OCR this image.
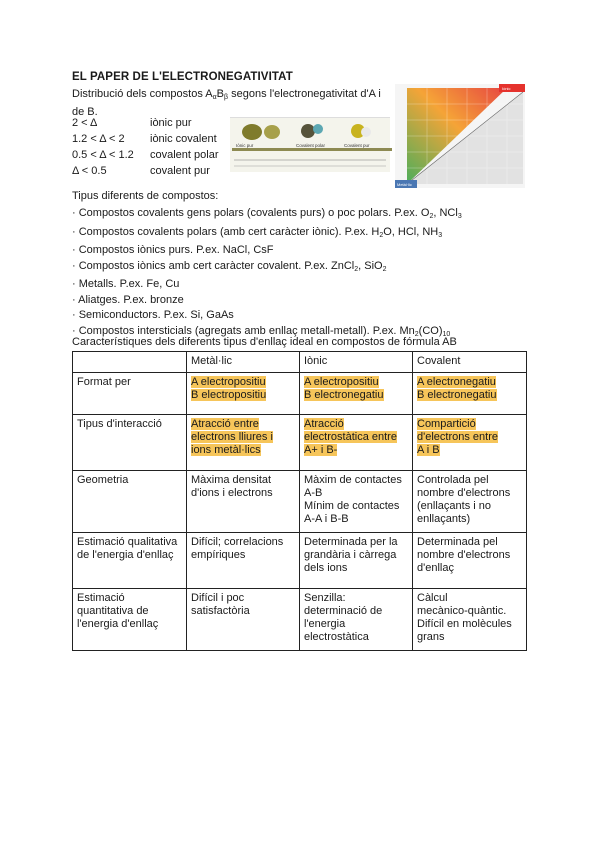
EL PAPER DE L'ELECTRONEGATIVITAT
Distribució dels compostos $A_\alpha B_\beta$ segons l'electronegativitat d'A i de B.
2 < Δ	iònic pur
1.2 < Δ < 2 iònic covalent
0.5 < Δ < 1.2 covalent polar
Δ < 0.5	covalent pur
Iònic pur	Covalent polar	Covalent pur
Iònic
Metàl·lic
Tipus diferents de compostos:
· Compostos covalents gens polars (covalents purs) o poc polars. P.ex. $O_2$, NCl$_3$
· Compostos covalents polars (amb cert caràcter iònic). P.ex. $H_2O$, HCl, $NH_3$
· Compostos iònics purs. P.ex. NaCl, CsF
· Compostos iònics amb cert caràcter covalent. P.ex. ZnCl$_2$, SiO$_2$
· Metalls. P.ex. Fe, Cu
· Aliatges. P.ex. bronze
· Semiconductors. P.ex. Si, GaAs
· Compostos intersticials (agregats amb enllaç metall-metall). P.ex. $Mn_2(CO)_{10}$
Característiques dels diferents tipus d'enllaç ideal en compostos de fórmula AB
	Metàl·lic	Iònic	Covalent
Format per	A electropositiu
B electropositiu	A electropositiu
B electronegatiu	A electronegatiu
B electronegatiu
Tipus d'interacció	Atracció entre
electrons lliures i
ions metàl·lics	Atracció
electrostàtica entre
A+ i B-	Compartició
d'electrons entre
A i B
Geometria	Màxima densitat
d'ions i electrons	Màxim de contactes
A-B
Mínim de contactes
A-A i B-B	Controlada pel
nombre d'electrons
(enllaçants i no
enllaçants)
Estimació qualitativa de l'energia d'enllaç	Difícil; correlacions
empíriques	Determinada per la
grandària i càrrega
dels ions	Determinada pel
nombre d'electrons
d'enllaç
Estimació quantitativa de l'energia d'enllaç	Difícil i poc
satisfactòria	Senzilla:
determinació de
l'energia
electrostàtica	Càlcul
mecànico-quàntic.
Difícil en molècules
grans
